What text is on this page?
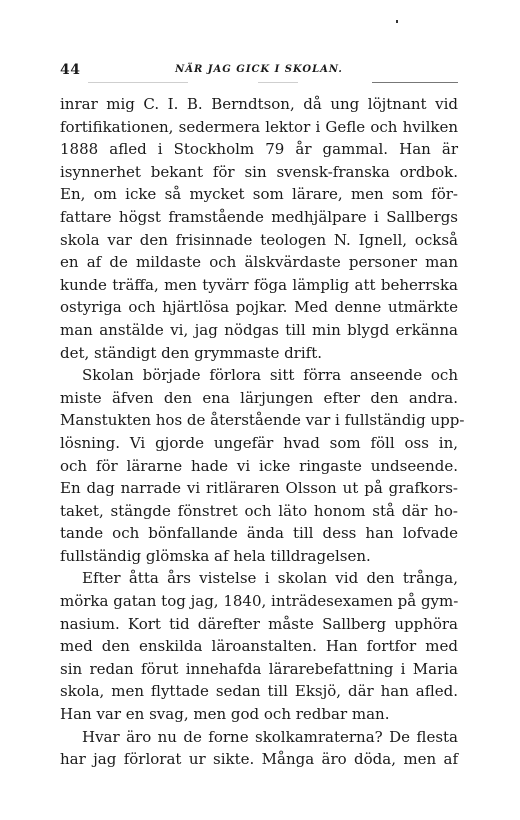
44	NÄR JAG GICK I SKOLAN.
inrar mig C. I. B. Berndtson, då ung löjtnant vid
fortifikationen, sedermera lektor i Gefle och hvilken
1888 afled i Stockholm 79 år gammal. Han är
isynnerhet bekant för sin svensk-franska ordbok.
En, om icke så mycket som lärare, men som för-
fattare högst framstående medhjälpare i Sallbergs
skola var den frisinnade teologen N. Ignell, också
en af de mildaste och älskvärdaste personer man
kunde träffa, men tyvärr föga lämplig att beherrska
ostyriga och hjärtlösa pojkar. Med denne utmärkte
man anstälde vi, jag nödgas till min blygd erkänna
det, ständigt den grymmaste drift.
Skolan började förlora sitt förra anseende och
miste äfven den ena lärjungen efter den andra.
Manstukten hos de återstående var i fullständig upp-
lösning. Vi gjorde ungefär hvad som föll oss in,
och för lärarne hade vi icke ringaste undseende.
En dag narrade vi ritläraren Olsson ut på grafkors-
taket, stängde fönstret och läto honom stå där ho-
tande och bönfallande ända till dess han lofvade
fullständig glömska af hela tilldragelsen.
Efter åtta års vistelse i skolan vid den trånga,
mörka gatan tog jag, 1840, inträdesexamen på gym-
nasium. Kort tid därefter måste Sallberg upphöra
med den enskilda läroanstalten. Han fortfor med
sin redan förut innehafda lärarebefattning i Maria
skola, men flyttade sedan till Eksjö, där han afled.
Han var en svag, men god och redbar man.
Hvar äro nu de forne skolkamraterna? De flesta
har jag förlorat ur sikte. Många äro döda, men af
